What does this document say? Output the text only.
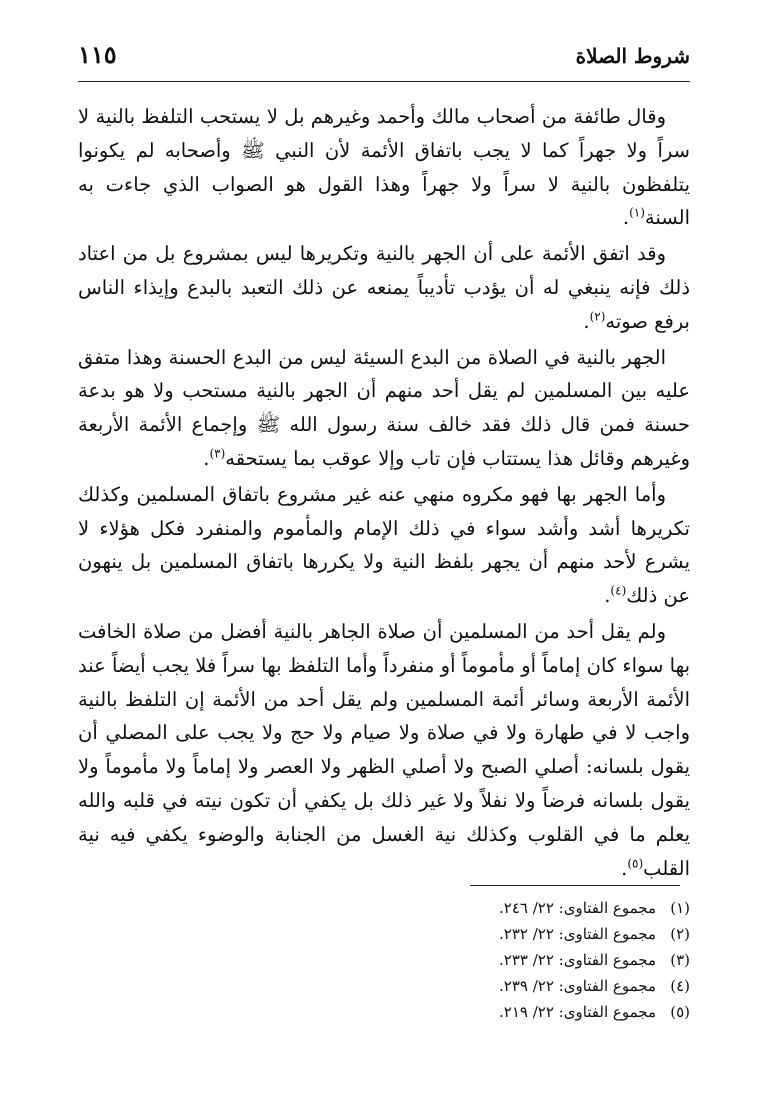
شروط الصلاة
١١٥

وقال طائفة من أصحاب مالك وأحمد وغيرهم بل لا يستحب التلفظ بالنية لا سراً ولا جهراً كما لا يجب باتفاق الأئمة لأن النبي ﷺ وأصحابه لم يكونوا يتلفظون بالنية لا سراً ولا جهراً وهذا القول هو الصواب الذي جاءت به السنة$^{(١)}$.

وقد اتفق الأئمة على أن الجهر بالنية وتكريرها ليس بمشروع بل من اعتاد ذلك فإنه ينبغي له أن يؤدب تأديباً يمنعه عن ذلك التعبد بالبدع وإيذاء الناس برفع صوته$^{(٢)}$.

الجهر بالنية في الصلاة من البدع السيئة ليس من البدع الحسنة وهذا متفق عليه بين المسلمين لم يقل أحد منهم أن الجهر بالنية مستحب ولا هو بدعة حسنة فمن قال ذلك فقد خالف سنة رسول الله ﷺ وإجماع الأئمة الأربعة وغيرهم وقائل هذا يستتاب فإن تاب وإلا عوقب بما يستحقه$^{(٣)}$.

وأما الجهر بها فهو مكروه منهي عنه غير مشروع باتفاق المسلمين وكذلك تكريرها أشد وأشد سواء في ذلك الإمام والمأموم والمنفرد فكل هؤلاء لا يشرع لأحد منهم أن يجهر بلفظ النية ولا يكررها باتفاق المسلمين بل ينهون عن ذلك$^{(٤)}$.

ولم يقل أحد من المسلمين أن صلاة الجاهر بالنية أفضل من صلاة الخافت بها سواء كان إماماً أو مأموماً أو منفرداً وأما التلفظ بها سراً فلا يجب أيضاً عند الأئمة الأربعة وسائر أئمة المسلمين ولم يقل أحد من الأئمة إن التلفظ بالنية واجب لا في طهارة ولا في صلاة ولا صيام ولا حج ولا يجب على المصلي أن يقول بلسانه: أصلي الصبح ولا أصلي الظهر ولا العصر ولا إماماً ولا مأموماً ولا يقول بلسانه فرضاً ولا نفلاً ولا غير ذلك بل يكفي أن تكون نيته في قلبه والله يعلم ما في القلوب وكذلك نية الغسل من الجنابة والوضوء يكفي فيه نية القلب$^{(٥)}$.

(١)مجموع الفتاوى: ٢٢/ ٢٤٦.
(٢)مجموع الفتاوى: ٢٢/ ٢٣٢.
(٣)مجموع الفتاوى: ٢٢/ ٢٣٣.
(٤)مجموع الفتاوى: ٢٢/ ٢٣٩.
(٥)مجموع الفتاوى: ٢٢/ ٢١٩.
